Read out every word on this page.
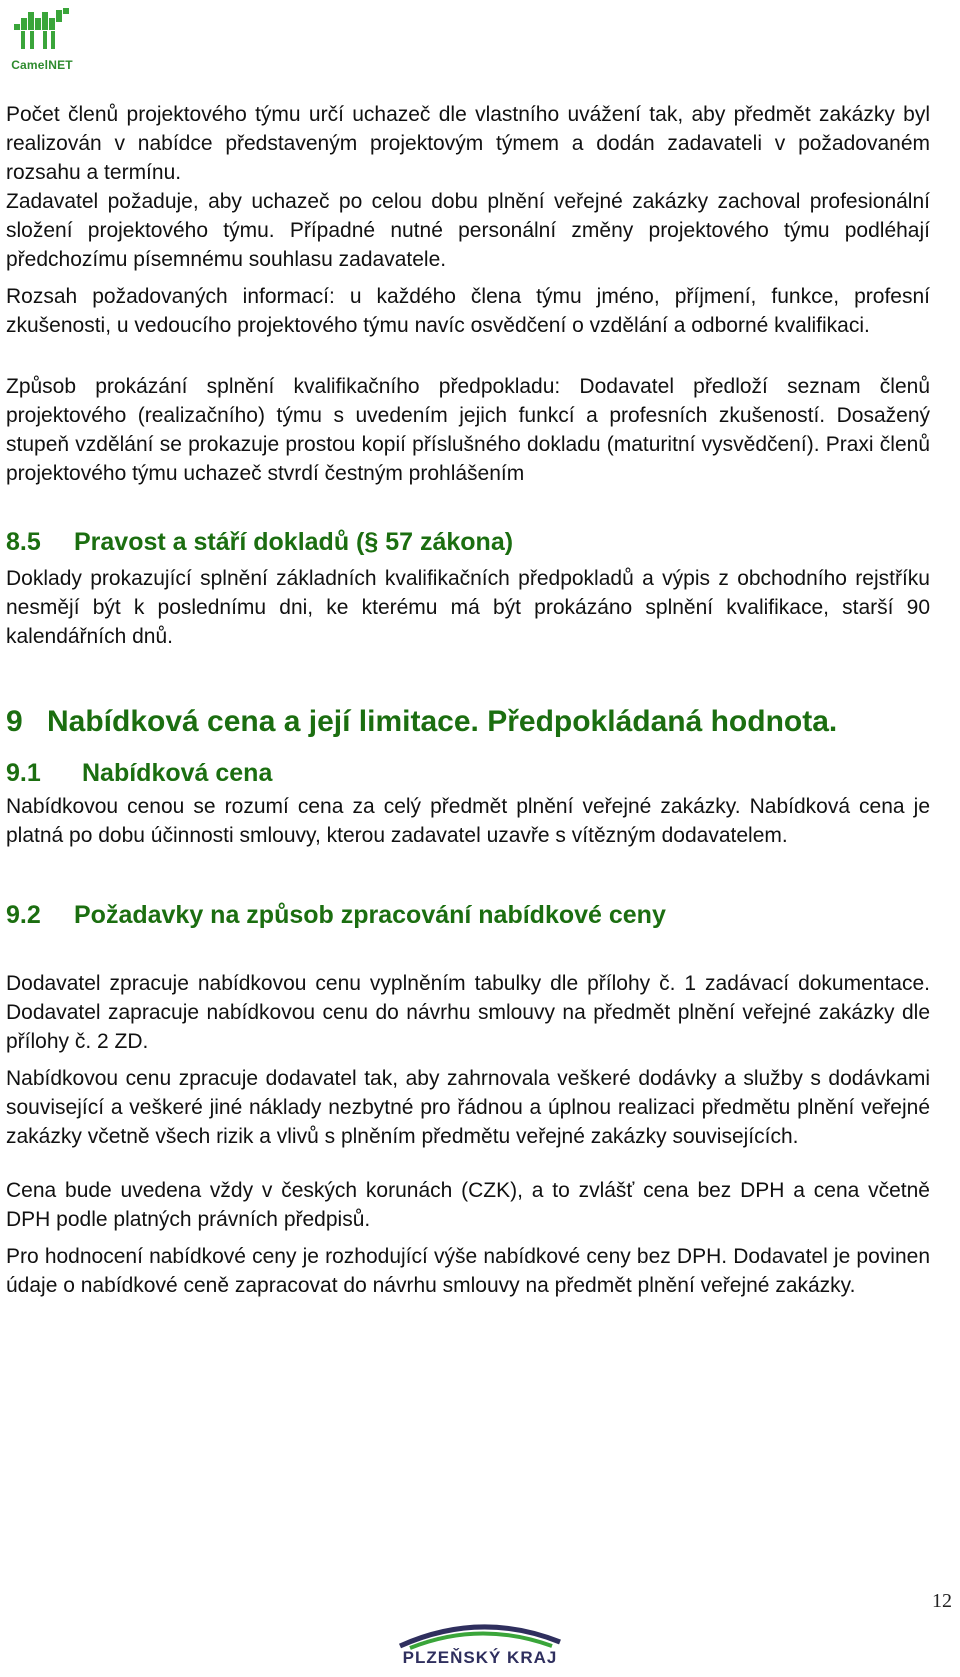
CamelNET

Počet členů projektového týmu určí uchazeč dle vlastního uvážení tak, aby předmět zakázky byl realizován v nabídce představeným projektovým týmem a dodán zadavateli v požadovaném rozsahu a termínu.

Zadavatel požaduje, aby uchazeč po celou dobu plnění veřejné zakázky zachoval profesionální složení projektového týmu. Případné nutné personální změny projektového týmu podléhají předchozímu písemnému souhlasu zadavatele.

Rozsah požadovaných informací: u každého člena týmu jméno, příjmení, funkce, profesní zkušenosti, u vedoucího projektového týmu navíc osvědčení o vzdělání a odborné kvalifikaci.

Způsob prokázání splnění kvalifikačního předpokladu: Dodavatel předloží seznam členů projektového (realizačního) týmu s uvedením jejich funkcí a profesních zkušeností. Dosažený stupeň vzdělání se prokazuje prostou kopií příslušného dokladu (maturitní vysvědčení). Praxi členů projektového týmu uchazeč stvrdí čestným prohlášením

8.5 Pravost a stáří dokladů (§ 57 zákona)

Doklady prokazující splnění základních kvalifikačních předpokladů a výpis z obchodního rejstříku nesmějí být k poslednímu dni, ke kterému má být prokázáno splnění kvalifikace, starší 90 kalendářních dnů.

9 Nabídková cena a její limitace. Předpokládaná hodnota.
9.1 Nabídková cena

Nabídkovou cenou se rozumí cena za celý předmět plnění veřejné zakázky. Nabídková cena je platná po dobu účinnosti smlouvy, kterou zadavatel uzavře s vítězným dodavatelem.

9.2 Požadavky na způsob zpracování nabídkové ceny

Dodavatel zpracuje nabídkovou cenu vyplněním tabulky dle přílohy č. 1 zadávací dokumentace. Dodavatel zapracuje nabídkovou cenu do návrhu smlouvy na předmět plnění veřejné zakázky dle přílohy č. 2 ZD.

Nabídkovou cenu zpracuje dodavatel tak, aby zahrnovala veškeré dodávky a služby s dodávkami související a veškeré jiné náklady nezbytné pro řádnou a úplnou realizaci předmětu plnění veřejné zakázky včetně všech rizik a vlivů s plněním předmětu veřejné zakázky souvisejících.

Cena bude uvedena vždy v českých korunách (CZK), a to zvlášť cena bez DPH a cena včetně DPH podle platných právních předpisů.

Pro hodnocení nabídkové ceny je rozhodující výše nabídkové ceny bez DPH. Dodavatel je povinen údaje o nabídkové ceně zapracovat do návrhu smlouvy na předmět plnění veřejné zakázky.

12
PLZEŇSKÝ KRAJ
